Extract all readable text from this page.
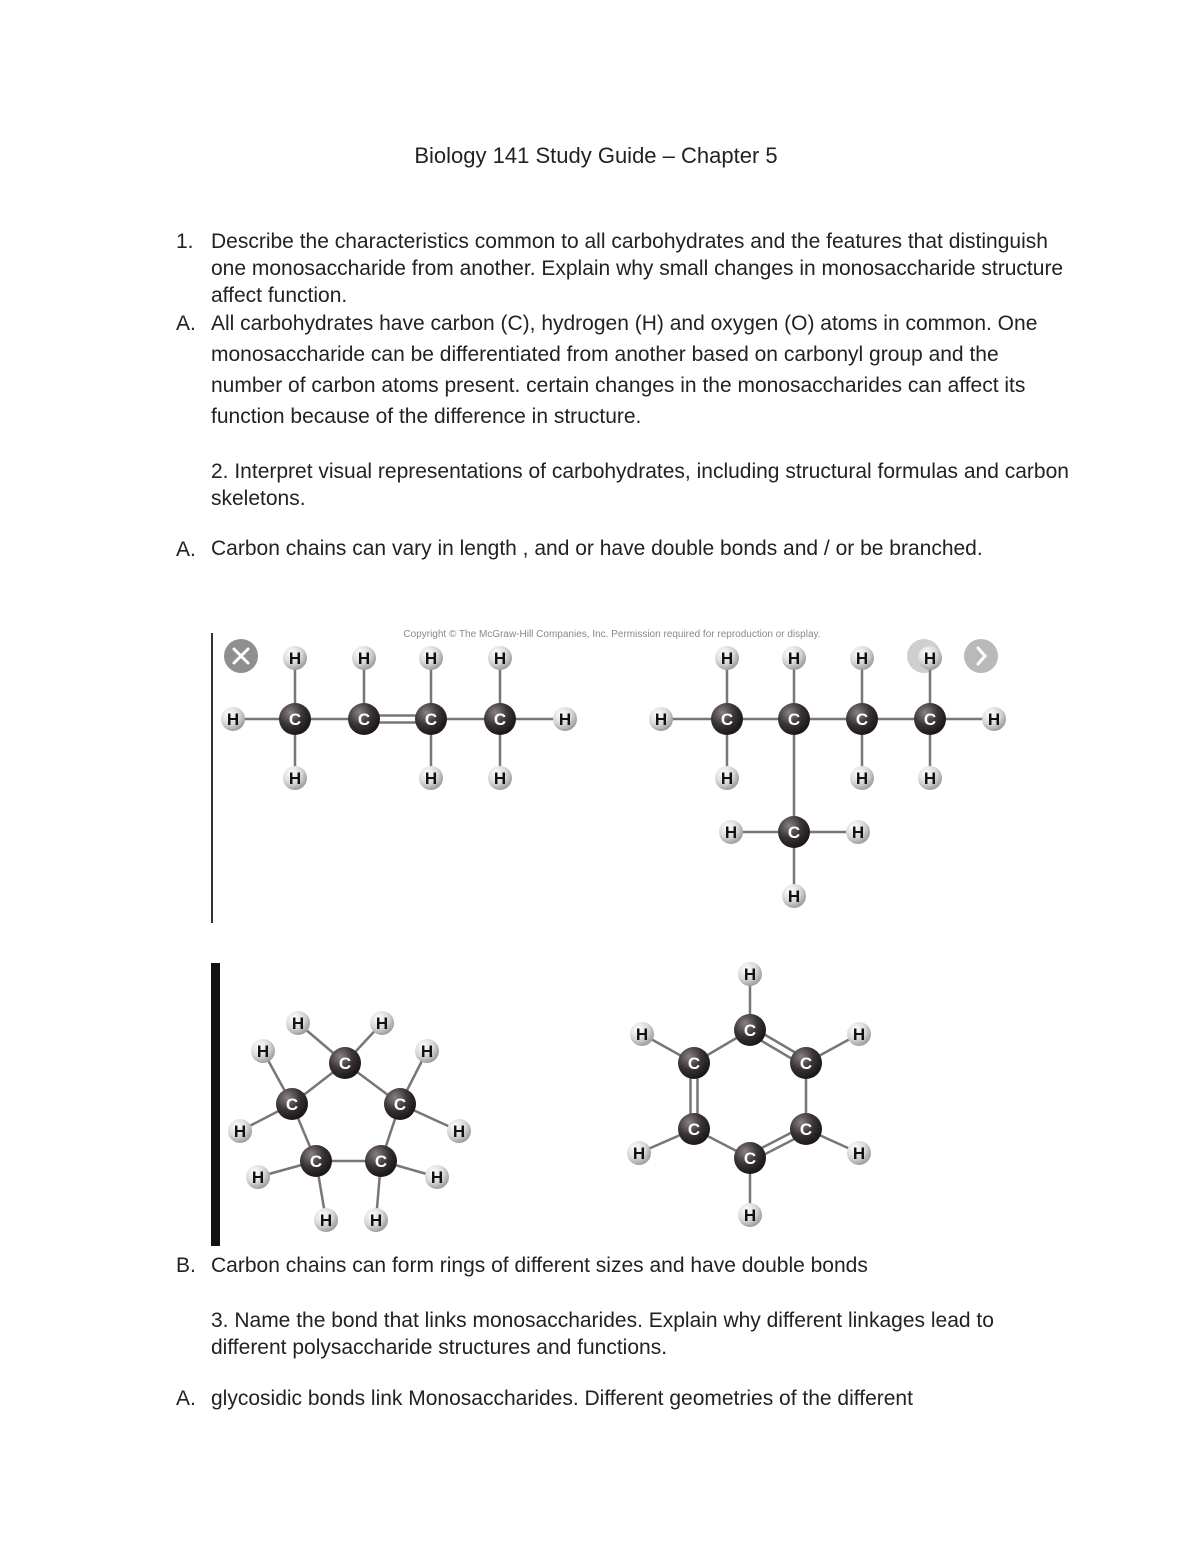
Biology 141 Study Guide – Chapter 5
1. Describe the characteristics common to all carbohydrates and the features that distinguish one monosaccharide from another. Explain why small changes in monosaccharide structure affect function.
A. All carbohydrates have carbon (C), hydrogen (H) and oxygen (O) atoms in common. One monosaccharide can be differentiated from another based on carbonyl group and the number of carbon atoms present. certain changes in the monosaccharides can affect its function because of the difference in structure.
2. Interpret visual representations of carbohydrates, including structural formulas and carbon skeletons.
A. Carbon chains can vary in length , and or have double bonds and / or be branched.
Copyright © The McGraw-Hill Companies, Inc. Permission required for reproduction or display.
H	C	C	C	C	H
H	H	H	H
H	H	H
H	C	C	C	C	H
H	H	H	H
H	H	H
C
H	H
H
C
C	C
C	C
H	H
H	H
H	H
H	H
H H
C
C	C
C	C
C
H
H	H
H	H
H
B. Carbon chains can form rings of different sizes and have double bonds
3. Name the bond that links monosaccharides. Explain why different linkages lead to different polysaccharide structures and functions.
A. glycosidic bonds link Monosaccharides. Different geometries of the different
